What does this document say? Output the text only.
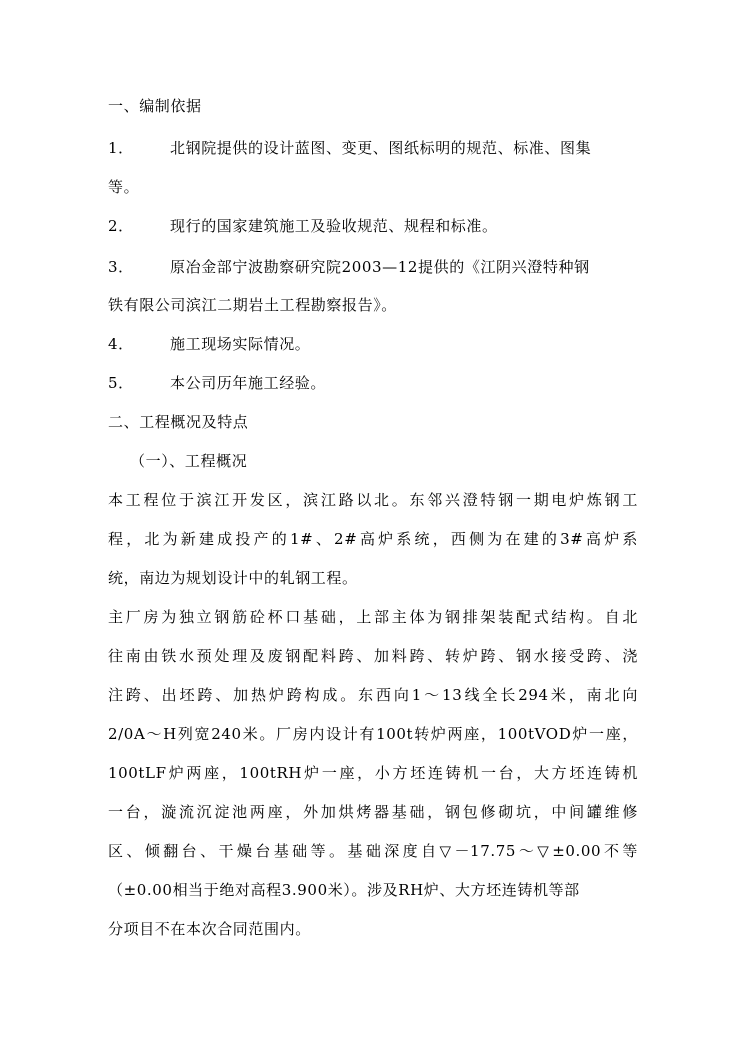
一、编制依据
1． 北钢院提供的设计蓝图、变更、图纸标明的规范、标准、图集
等。
2． 现行的国家建筑施工及验收规范、规程和标准。
3． 原冶金部宁波勘察研究院2003—12提供的《江阴兴澄特种钢
铁有限公司滨江二期岩土工程勘察报告》。
4． 施工现场实际情况。
5． 本公司历年施工经验。
二、工程概况及特点
（一）、工程概况
本工程位于滨江开发区，滨江路以北。东邻兴澄特钢一期电炉炼钢工
程，北为新建成投产的1#、2#高炉系统，西侧为在建的3#高炉系
统，南边为规划设计中的轧钢工程。
主厂房为独立钢筋砼杯口基础，上部主体为钢排架装配式结构。自北
往南由铁水预处理及废钢配料跨、加料跨、转炉跨、钢水接受跨、浇
注跨、出坯跨、加热炉跨构成。东西向1～13线全长294米，南北向
2/0A～H列宽240米。厂房内设计有100t转炉两座，100tVOD炉一座，
100tLF炉两座，100tRH炉一座，小方坯连铸机一台，大方坯连铸机
一台，漩流沉淀池两座，外加烘烤器基础，钢包修砌坑，中间罐维修
区、倾翻台、干燥台基础等。基础深度自▽－17.75～▽±0.00不等
（±0.00相当于绝对高程3.900米）。涉及RH炉、大方坯连铸机等部
分项目不在本次合同范围内。
